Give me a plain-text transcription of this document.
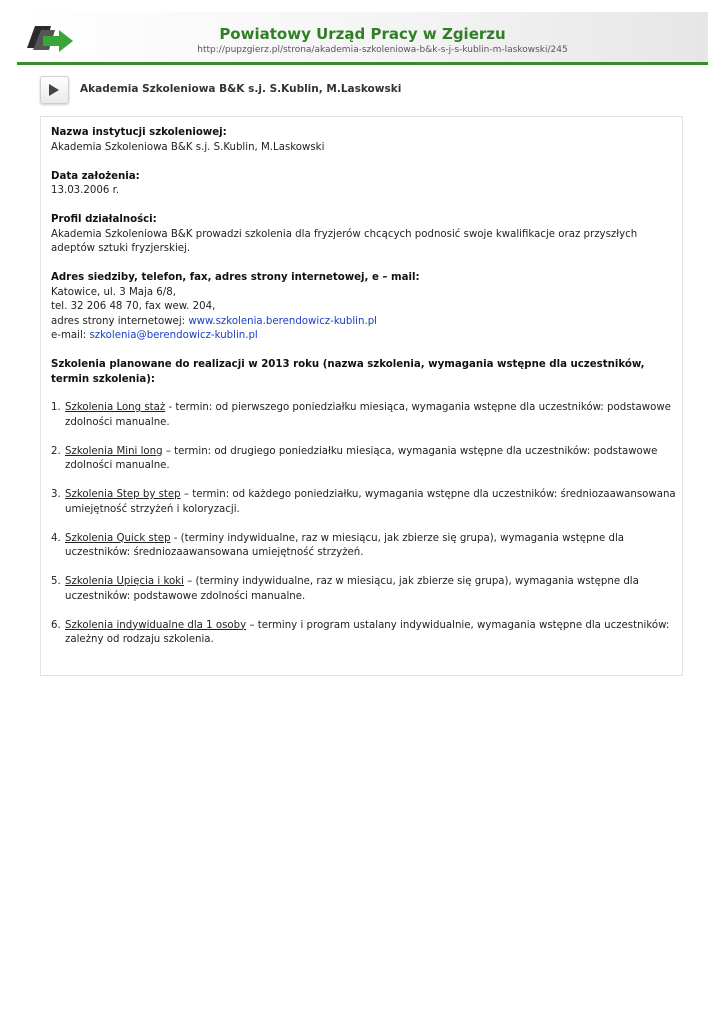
Powiatowy Urząd Pracy w Zgierzu
http://pupzgierz.pl/strona/akademia-szkoleniowa-b&k-s-j-s-kublin-m-laskowski/245
Akademia Szkoleniowa B&K s.j. S.Kublin, M.Laskowski
Nazwa instytucji szkoleniowej:
Akademia Szkoleniowa B&K s.j. S.Kublin, M.Laskowski
Data założenia:
13.03.2006 r.
Profil działalności:
Akademia Szkoleniowa B&K prowadzi szkolenia dla fryzjerów chcących podnosić swoje kwalifikacje oraz przyszłych adeptów sztuki fryzjerskiej.
Adres siedziby, telefon, fax, adres strony internetowej, e – mail:
Katowice, ul. 3 Maja 6/8,
tel. 32 206 48 70, fax wew. 204,
adres strony internetowej: www.szkolenia.berendowicz-kublin.pl
e-mail: szkolenia@berendowicz-kublin.pl
Szkolenia planowane do realizacji w 2013 roku (nazwa szkolenia, wymagania wstępne dla uczestników, termin szkolenia):
1. Szkolenia Long staż - termin: od pierwszego poniedziałku miesiąca, wymagania wstępne dla uczestników: podstawowe zdolności manualne.
2. Szkolenia Mini long – termin: od drugiego poniedziałku miesiąca, wymagania wstępne dla uczestników: podstawowe zdolności manualne.
3. Szkolenia Step by step – termin: od każdego poniedziałku, wymagania wstępne dla uczestników: średniozaawansowana umiejętność strzyżeń i koloryzacji.
4. Szkolenia Quick step - (terminy indywidualne, raz w miesiącu, jak zbierze się grupa), wymagania wstępne dla uczestników: średniozaawansowana umiejętność strzyżeń.
5. Szkolenia Upięcia i koki – (terminy indywidualne, raz w miesiącu, jak zbierze się grupa), wymagania wstępne dla uczestników: podstawowe zdolności manualne.
6. Szkolenia indywidualne dla 1 osoby – terminy i program ustalany indywidualnie, wymagania wstępne dla uczestników: zależny od rodzaju szkolenia.
